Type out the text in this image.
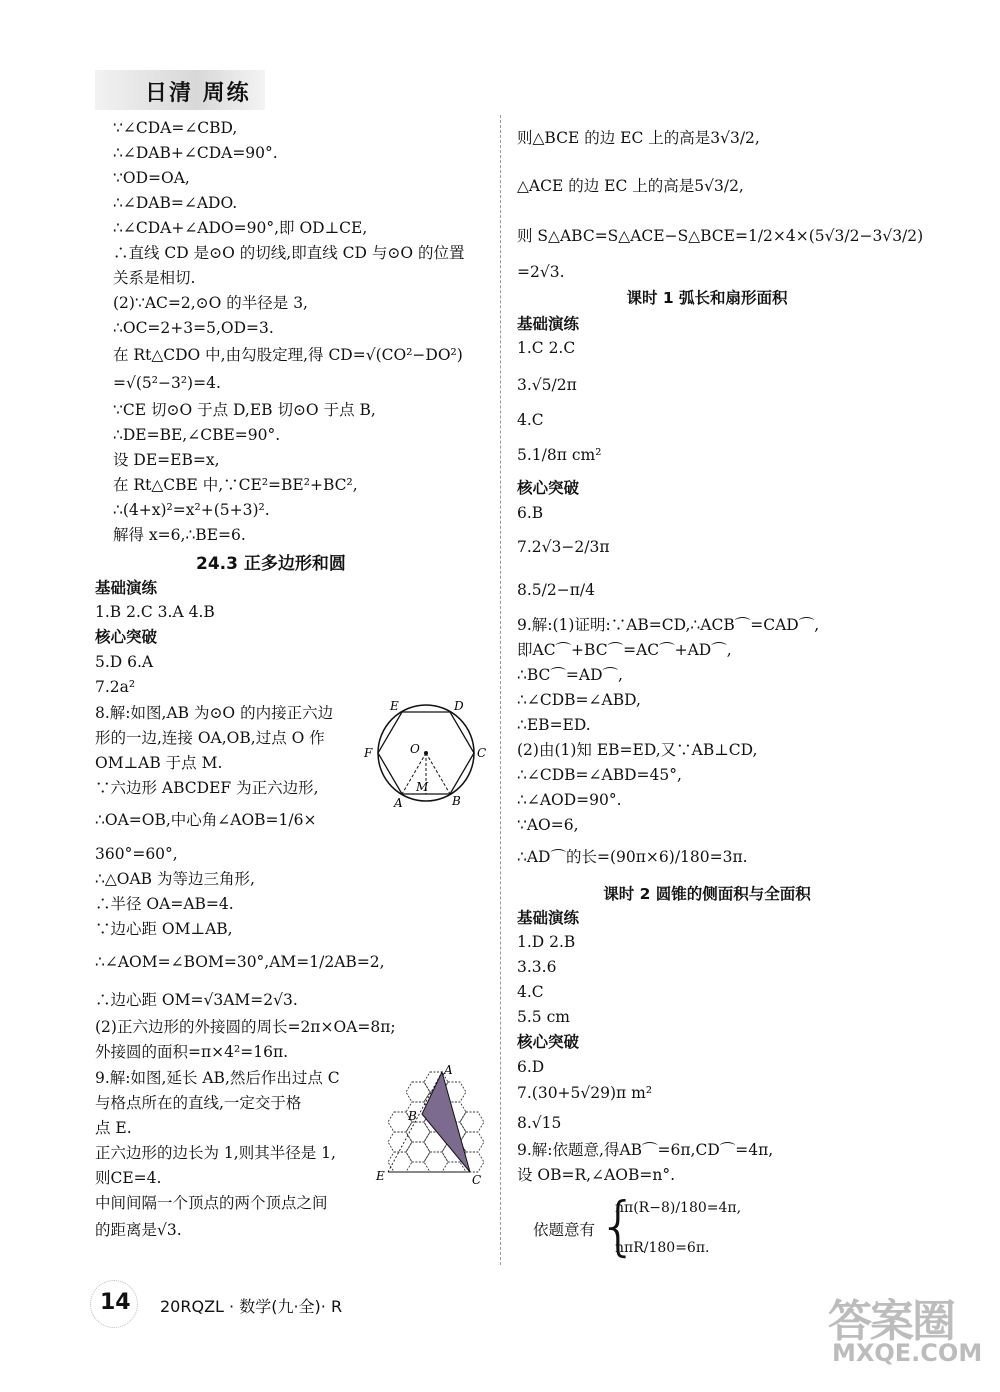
日清 周练
∵∠CDA=∠CBD,
∴∠DAB+∠CDA=90°.
∵OD=OA,
∴∠DAB=∠ADO.
∴∠CDA+∠ADO=90°,即 OD⊥CE,
∴直线 CD 是⊙O 的切线,即直线 CD 与⊙O 的位置
关系是相切.
(2)∵AC=2,⊙O 的半径是 3,
∴OC=2+3=5,OD=3.
在 Rt△CDO 中,由勾股定理,得 CD=√(CO²−DO²)
=√(5²−3²)=4.
∵CE 切⊙O 于点 D,EB 切⊙O 于点 B,
∴DE=BE,∠CBE=90°.
设 DE=EB=x,
在 Rt△CBE 中,∵CE²=BE²+BC²,
∴(4+x)²=x²+(5+3)².
解得 x=6,∴BE=6.
24.3 正多边形和圆
基础演练
1.B 2.C 3.A 4.B
核心突破
5.D 6.A
7.2a²
8.解:如图,AB 为⊙O 的内接正六边
形的一边,连接 OA,OB,过点 O 作
OM⊥AB 于点 M.
∵六边形 ABCDEF 为正六边形,
∴OA=OB,中心角∠AOB=1/6×
360°=60°,
∴△OAB 为等边三角形,
∴半径 OA=AB=4.
∵边心距 OM⊥AB,
∴∠AOM=∠BOM=30°,AM=1/2AB=2,
∴边心距 OM=√3AM=2√3.
(2)正六边形的外接圆的周长=2π×OA=8π;
外接圆的面积=π×4²=16π.
9.解:如图,延长 AB,然后作出过点 C
与格点所在的直线,一定交于格
点 E.
正六边形的边长为 1,则其半径是 1,
则CE=4.
中间间隔一个顶点的两个顶点之间
的距离是√3.
则△BCE 的边 EC 上的高是3√3/2,
△ACE 的边 EC 上的高是5√3/2,
则 S△ABC=S△ACE−S△BCE=1/2×4×(5√3/2−3√3/2)
=2√3.
课时 1 弧长和扇形面积
基础演练
1.C 2.C
3.√5/2π
4.C
5.1/8π cm²
核心突破
6.B
7.2√3−2/3π
8.5/2−π/4
9.解:(1)证明:∵AB=CD,∴ACB⌒=CAD⌒,
即AC⌒+BC⌒=AC⌒+AD⌒,
∴BC⌒=AD⌒,
∴∠CDB=∠ABD,
∴EB=ED.
(2)由(1)知 EB=ED,又∵AB⊥CD,
∴∠CDB=∠ABD=45°,
∴∠AOD=90°.
∵AO=6,
∴AD⌒的长=(90π×6)/180=3π.
课时 2 圆锥的侧面积与全面积
基础演练
1.D 2.B
3.3.6
4.C
5.5 cm
核心突破
6.D
7.(30+5√29)π m²
8.√15
9.解:依题意,得AB⌒=6π,CD⌒=4π,
设 OB=R,∠AOB=n°.
依题意有 {
nπ(R−8)/180=4π,
nπR/180=6π.
E	D
F	O	C
M
A	B
A
B
E	C
14 20RQZL · 数学(九·全)· R	答案圈
MXQE.COM
